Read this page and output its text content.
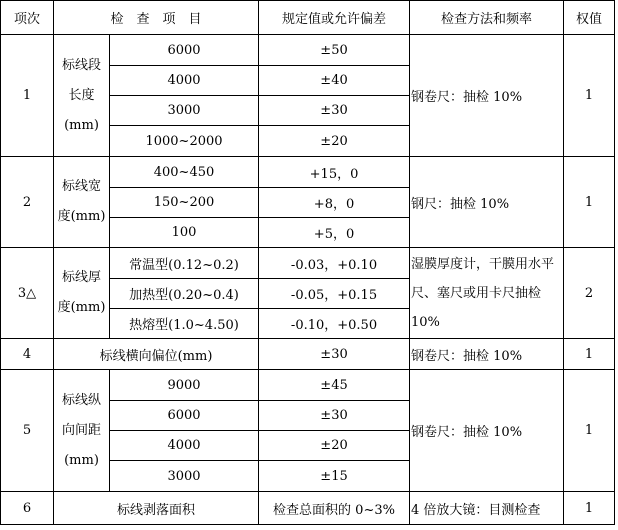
项次	检　查　项　目		规定值或允许偏差	检查方法和频率	权值
1	标线段长度(mm)	6000	±50	钢卷尺：抽检 10%	1
		4000	±40		
		3000	±30		
		1000~2000	±20		
2	标线宽度(mm)	400~450	+15，0	钢尺：抽检 10%	1
		150~200	+8，0		
		100	+5，0		
3△	标线厚度(mm)	常温型(0.12~0.2)	-0.03，+0.10	湿膜厚度计，干膜用水平尺、塞尺或用卡尺抽检 10%	2
		加热型(0.20~0.4)	-0.05，+0.15		
		热熔型(1.0~4.50)	-0.10，+0.50		
4	标线横向偏位(mm)		±30	钢卷尺：抽检 10%	1
5	标线纵向间距(mm)	9000	±45	钢卷尺：抽检 10%	1
		6000	±30		
		4000	±20		
		3000	±15		
6	标线剥落面积		检查总面积的 0~3%	4 倍放大镜：目测检查	1
